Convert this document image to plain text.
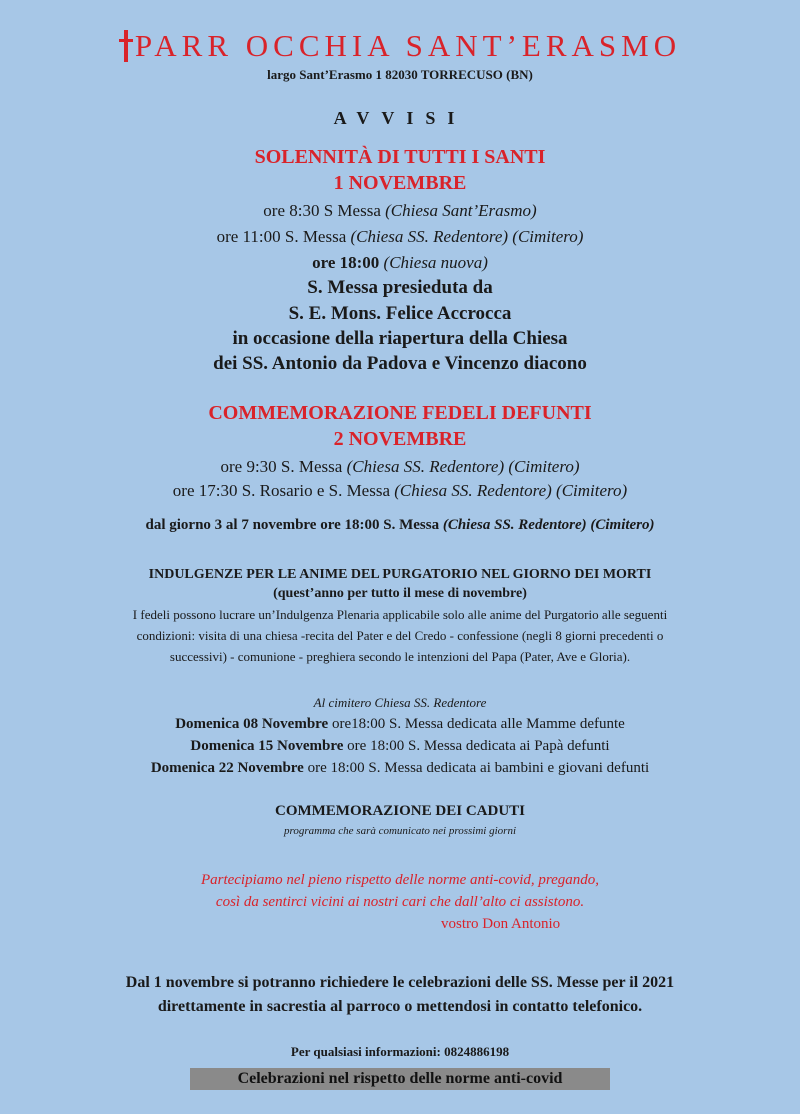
PARR OCCHIA SANT’ERASMO
largo Sant’Erasmo 1 82030 TORRECUSO (BN)
AVVISI
SOLENNITÀ DI TUTTI I SANTI
1 NOVEMBRE
ore 8:30 S Messa (Chiesa Sant’Erasmo)
ore 11:00 S. Messa (Chiesa SS. Redentore) (Cimitero)
ore 18:00 (Chiesa nuova)
S. Messa presieduta da
S. E. Mons. Felice Accrocca
in occasione della riapertura della Chiesa
dei SS. Antonio da Padova e Vincenzo diacono
COMMEMORAZIONE FEDELI DEFUNTI
2 NOVEMBRE
ore 9:30 S. Messa (Chiesa SS. Redentore) (Cimitero)
ore 17:30 S. Rosario e S. Messa (Chiesa SS. Redentore) (Cimitero)
dal giorno 3 al 7 novembre ore 18:00 S. Messa (Chiesa SS. Redentore) (Cimitero)
INDULGENZE PER LE ANIME DEL PURGATORIO NEL GIORNO DEI MORTI
(quest’anno per tutto il mese di novembre)
I fedeli possono lucrare un’Indulgenza Plenaria applicabile solo alle anime del Purgatorio alle seguenti
condizioni: visita di una chiesa -recita del Pater e del Credo - confessione (negli 8 giorni precedenti o
successivi) - comunione - preghiera secondo le intenzioni del Papa (Pater, Ave e Gloria).
Al cimitero Chiesa SS. Redentore
Domenica 08 Novembre ore18:00 S. Messa dedicata alle Mamme defunte
Domenica 15 Novembre ore 18:00 S. Messa dedicata ai Papà defunti
Domenica 22 Novembre ore 18:00 S. Messa dedicata ai bambini e giovani defunti
COMMEMORAZIONE DEI CADUTI
programma che sarà comunicato nei prossimi giorni
Partecipiamo nel pieno rispetto delle norme anti-covid, pregando,
così da sentirci vicini ai nostri cari che dall’alto ci assistono.
vostro Don Antonio
Dal 1 novembre si potranno richiedere le celebrazioni delle SS. Messe per il 2021
direttamente in sacrestia al parroco o mettendosi in contatto telefonico.
Per qualsiasi informazioni: 0824886198
Celebrazioni nel rispetto delle norme anti-covid
